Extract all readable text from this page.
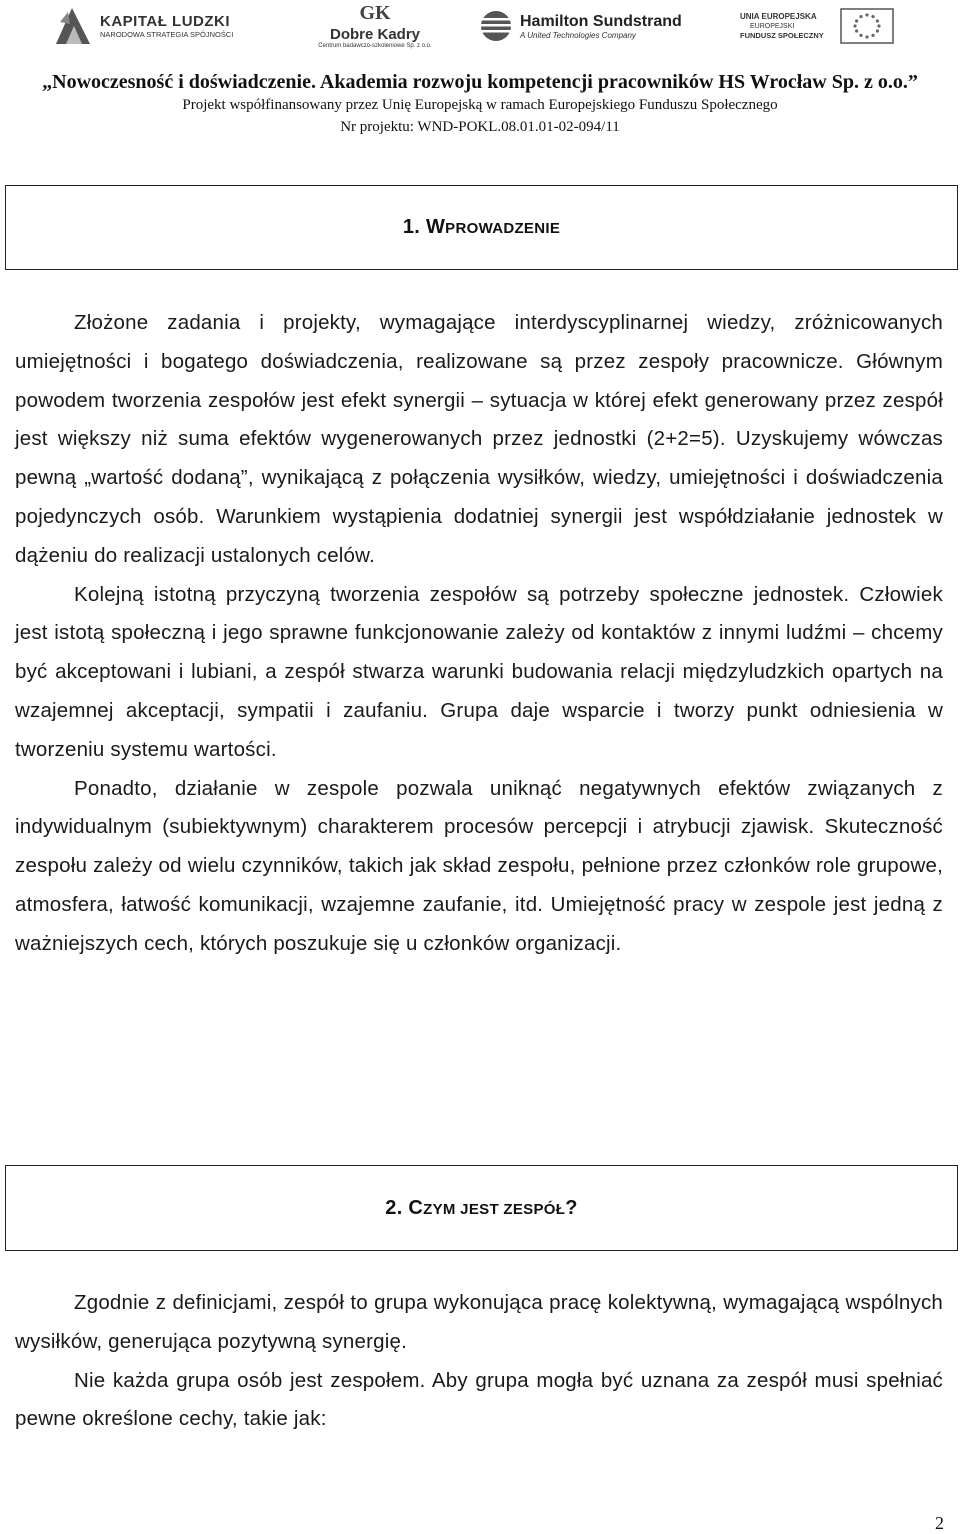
KAPITAŁ LUDZKI
NARODOWA STRATEGIA SPÓJNOŚCI
GK
Dobre Kadry
Centrum badawczo-szkoleniowe Sp. z o.o.
Hamilton Sundstrand
A United Technologies Company
UNIA EUROPEJSKA
EUROPEJSKI
FUNDUSZ SPOŁECZNY
„Nowoczesność i doświadczenie. Akademia rozwoju kompetencji pracowników HS Wrocław Sp. z o.o.”
Projekt współfinansowany przez Unię Europejską w ramach Europejskiego Funduszu Społecznego
Nr projektu: WND-POKL.08.01.01-02-094/11
1. WPROWADZENIE

Złożone zadania i projekty, wymagające interdyscyplinarnej wiedzy, zróżnicowanych umiejętności i bogatego doświadczenia, realizowane są przez zespoły pracownicze. Głównym powodem tworzenia zespołów jest efekt synergii – sytuacja w której efekt generowany przez zespół jest większy niż suma efektów wygenerowanych przez jednostki (2+2=5). Uzyskujemy wówczas pewną „wartość dodaną”, wynikającą z połączenia wysiłków, wiedzy, umiejętności i doświadczenia pojedynczych osób. Warunkiem wystąpienia dodatniej synergii jest współdziałanie jednostek w dążeniu do realizacji ustalonych celów.

Kolejną istotną przyczyną tworzenia zespołów są potrzeby społeczne jednostek. Człowiek jest istotą społeczną i jego sprawne funkcjonowanie zależy od kontaktów z innymi ludźmi – chcemy być akceptowani i lubiani, a zespół stwarza warunki budowania relacji międzyludzkich opartych na wzajemnej akceptacji, sympatii i zaufaniu. Grupa daje wsparcie i tworzy punkt odniesienia w tworzeniu systemu wartości.

Ponadto, działanie w zespole pozwala uniknąć negatywnych efektów związanych z indywidualnym (subiektywnym) charakterem procesów percepcji i atrybucji zjawisk. Skuteczność zespołu zależy od wielu czynników, takich jak skład zespołu, pełnione przez członków role grupowe, atmosfera, łatwość komunikacji, wzajemne zaufanie, itd. Umiejętność pracy w zespole jest jedną z ważniejszych cech, których poszukuje się u członków organizacji.

2. CZYM JEST ZESPÓŁ?

Zgodnie z definicjami, zespół to grupa wykonująca pracę kolektywną, wymagającą wspólnych wysiłków, generująca pozytywną synergię.

Nie każda grupa osób jest zespołem. Aby grupa mogła być uznana za zespół musi spełniać pewne określone cechy, takie jak:

2
